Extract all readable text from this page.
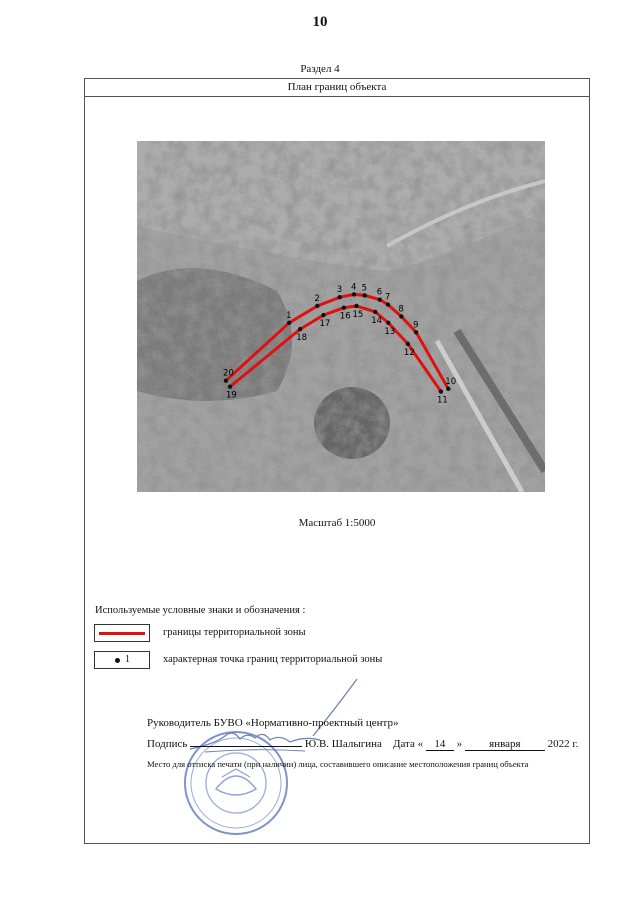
10
Раздел 4
План границ объекта
1
2
3 4 5 6 7
8
9
10
11
12
13
14
15
16
17
18
19
20
Масштаб 1:5000
Используемые условные знаки и обозначения :
границы территориальной зоны
1	характерная точка границ территориальной зоны
Руководитель БУВО «Нормативно-проектный центр»
Подпись	Ю.В. Шалыгина Дата « 14 » января 2022 г.
Место для оттиска печати (при наличии) лица, составившего описание местоположения границ объекта
